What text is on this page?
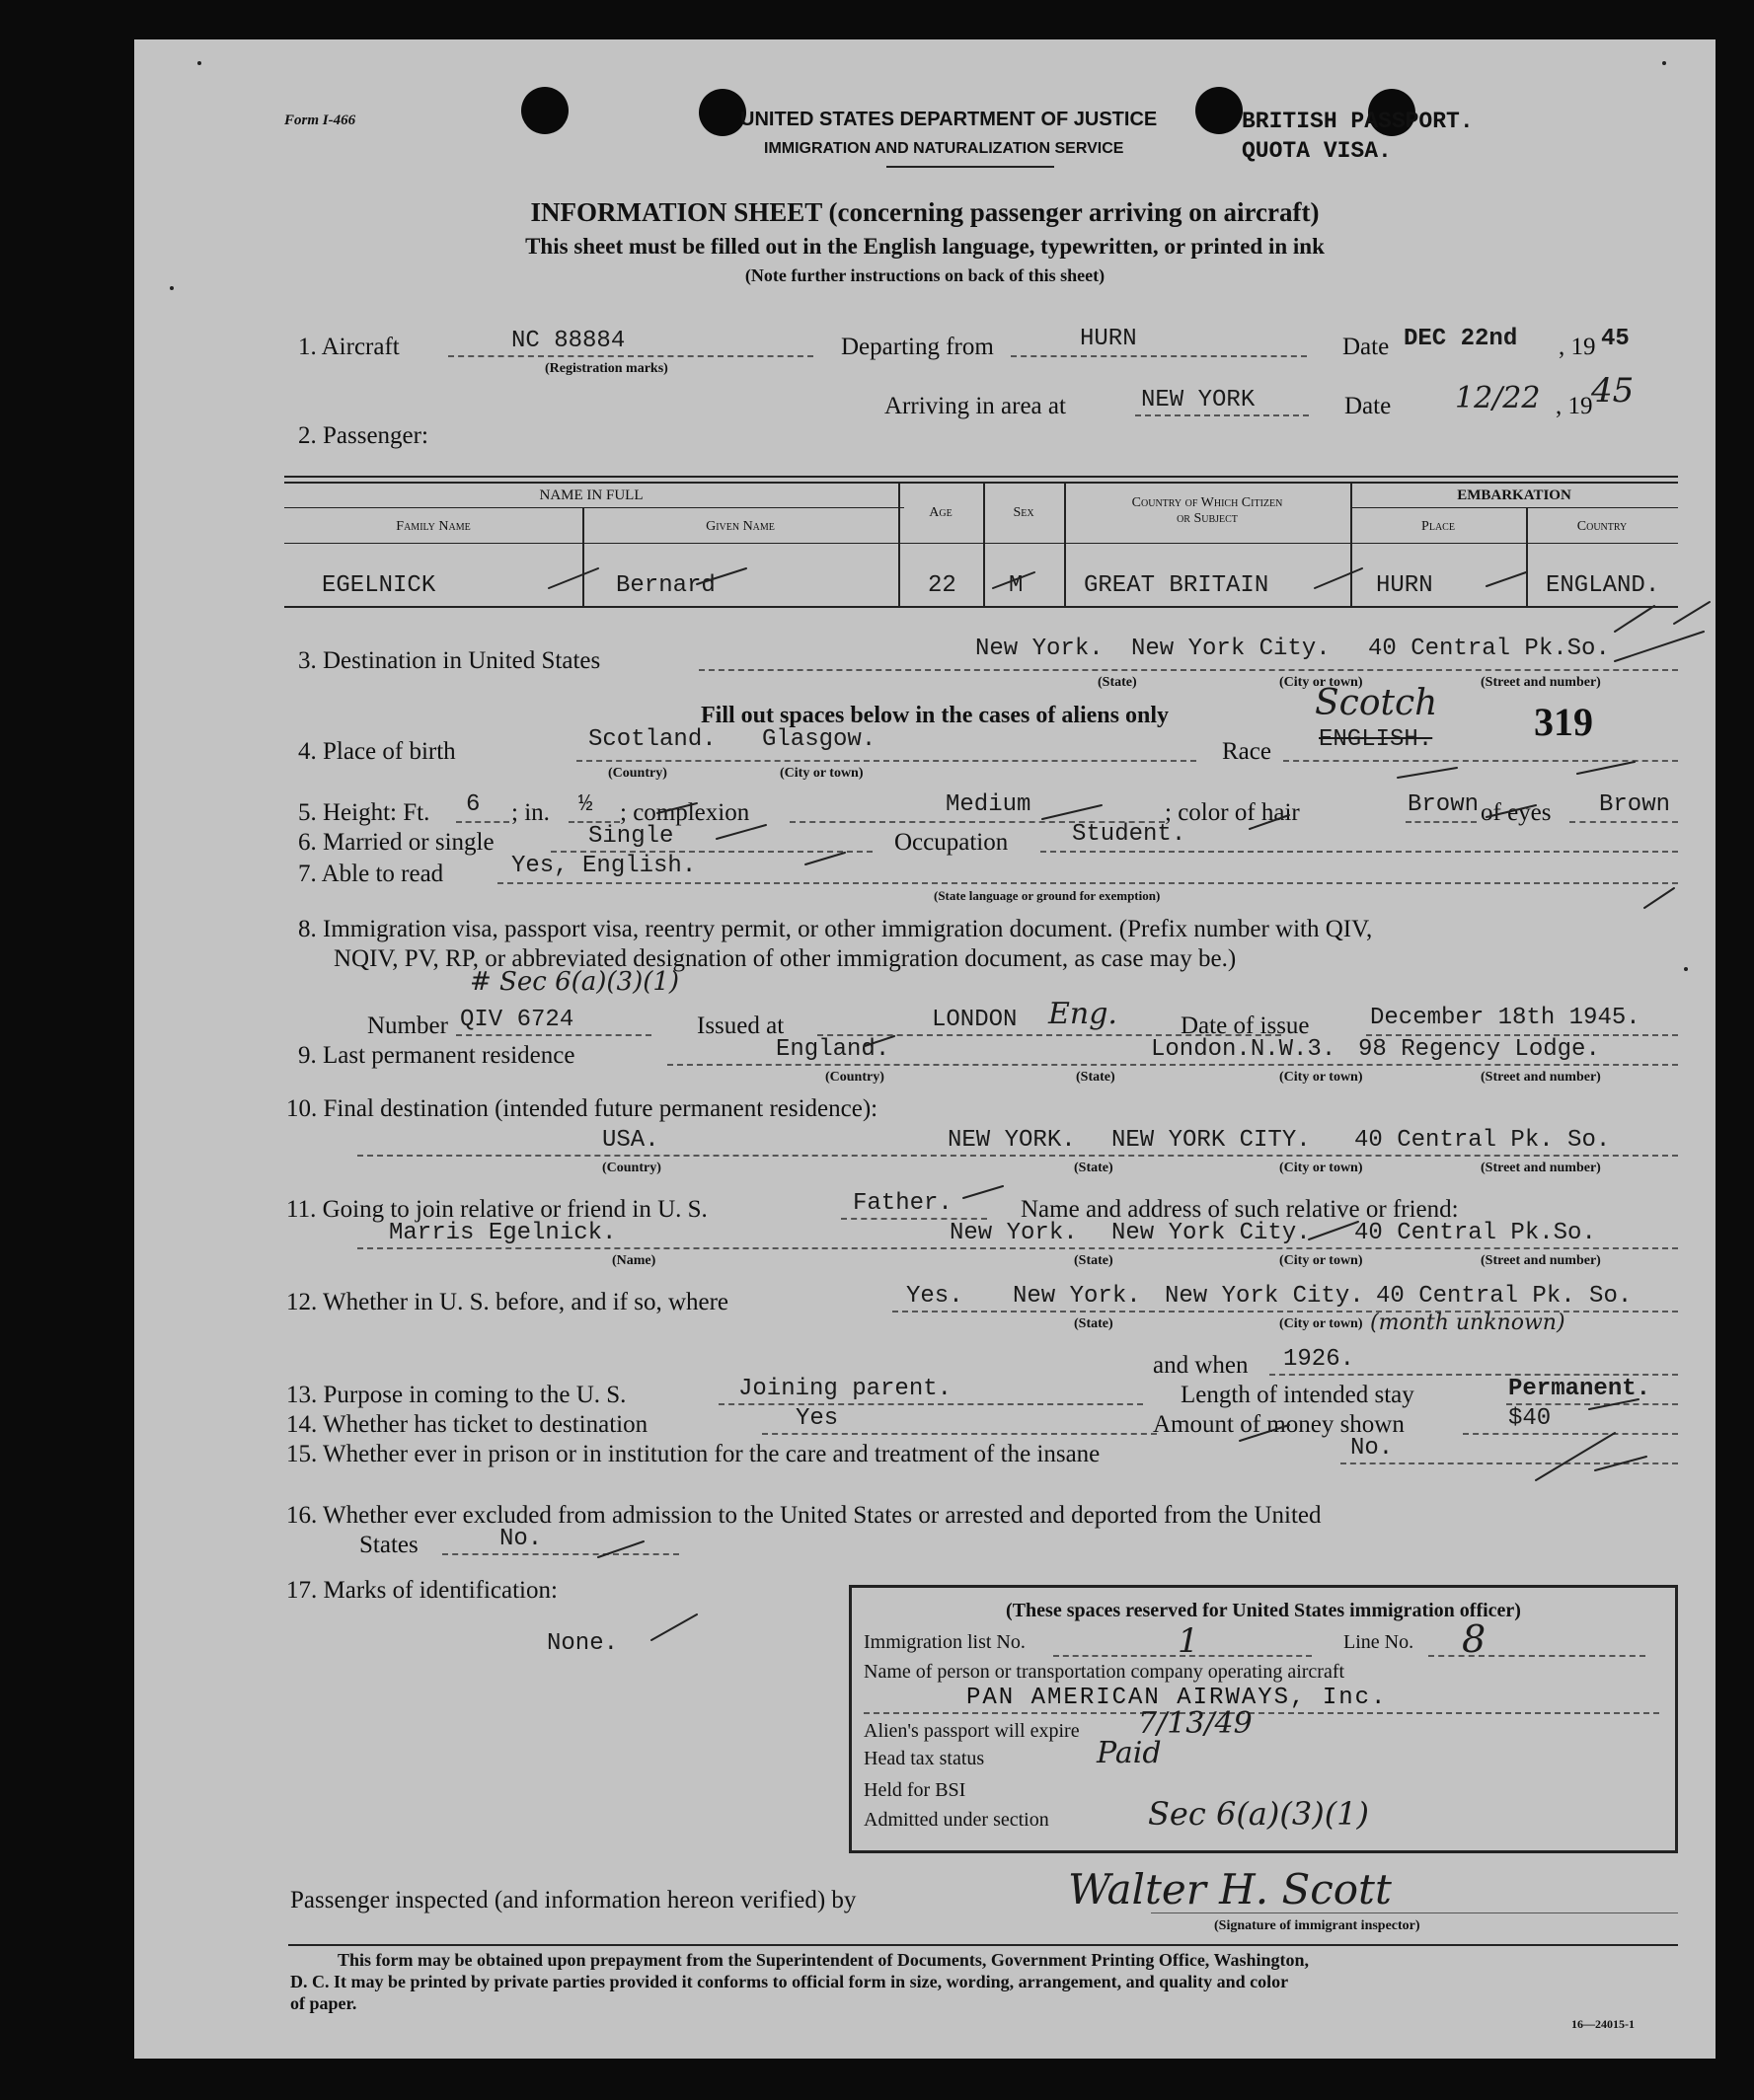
Form I-466	UNITED STATES DEPARTMENT OF JUSTICE
IMMIGRATION AND NATURALIZATION SERVICE
BRITISH PASSPORT.
QUOTA VISA.
INFORMATION SHEET (concerning passenger arriving on aircraft)
This sheet must be filled out in the English language, typewritten, or printed in ink
(Note further instructions on back of this sheet)
1. Aircraft	NC 88884
(Registration marks)
Departing from	HURN	Date DEC 22nd , 19 45
Arriving in area at	NEW YORK	Date 12/22 , 19
45
2. Passenger:
NAME IN FULL
Family Name	Given Name
Age	Sex
Country of Which Citizen
or Subject
EMBARKATION
Place	Country
EGELNICK	Bernard	22 M	GREAT BRITAIN	HURN	ENGLAND.
3. Destination in United States	New York. New York City. 40 Central Pk.So.
(State)	(City or town)	(Street and number)
Fill out spaces below in the cases of aliens only
4. Place of birth	Scotland. Glasgow.
(Country)	(City or town)
Race ENGLISH.
Scotch 319
5. Height: Ft. 6 ; in. ½ ; complexion	Medium	; color of hair	Brown of eyes Brown
6. Married or single	Single	Occupation	Student.
7. Able to read	Yes, English.
(State language or ground for exemption)
8. Immigration visa, passport visa, reentry permit, or other immigration document. (Prefix number with QIV,
NQIV, PV, RP, or abbreviated designation of other immigration document, as case may be.)
Number QIV 6724
# Sec 6(a)(3)(1)
Issued at	LONDON Eng.	Date of issue	December 18th 1945.
9. Last permanent residence	England.	London.N.W.3. 98 Regency Lodge.
(Country)	(State)	(City or town)	(Street and number)
10. Final destination (intended future permanent residence):
USA.	NEW YORK. NEW YORK CITY. 40 Central Pk. So.
(Country)	(State)	(City or town)	(Street and number)
11. Going to join relative or friend in U. S.	Father.	Name and address of such relative or friend:
Marris Egelnick.	New York. New York City. 40 Central Pk.So.
(Name)	(State)	(City or town)	(Street and number)
12. Whether in U. S. before, and if so, where	Yes. New York. New York City. 40 Central Pk. So.
(State)	(City or town) (month unknown)
and when 1926.
13. Purpose in coming to the U. S.	Joining parent.	Length of intended stay	Permanent.
14. Whether has ticket to destination	Yes	Amount of money shown	$40
15. Whether ever in prison or in institution for the care and treatment of the insane	No.
16. Whether ever excluded from admission to the United States or arrested and deported from the United
States	No.
17. Marks of identification:
None.
(These spaces reserved for United States immigration officer)
Immigration list No.	1	Line No. 8
Name of person or transportation company operating aircraft
PAN AMERICAN AIRWAYS, Inc.
Alien's passport will expire 7/13/49
Head tax status	Paid
Held for BSI
Admitted under section	Sec 6(a)(3)(1)
Passenger inspected (and information hereon verified) by	Walter H. Scott
(Signature of immigrant inspector)
This form may be obtained upon prepayment from the Superintendent of Documents, Government Printing Office, Washington,
D. C. It may be printed by private parties provided it conforms to official form in size, wording, arrangement, and quality and color
of paper.
16—24015-1
